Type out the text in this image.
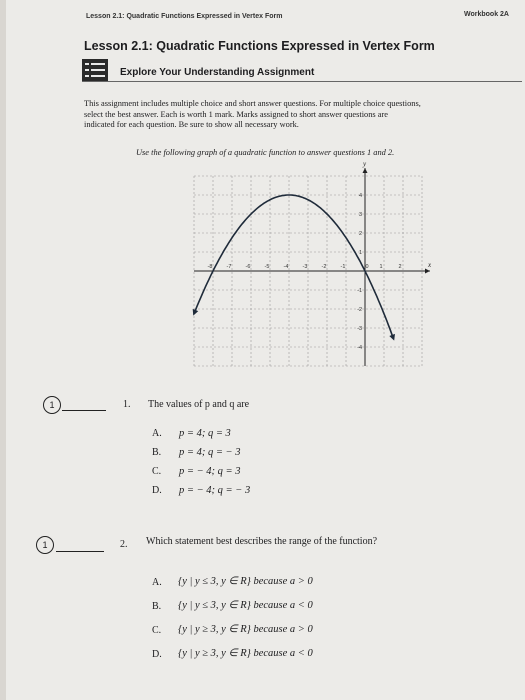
Lesson 2.1: Quadratic Functions Expressed in Vertex Form	Workbook 2A
Lesson 2.1: Quadratic Functions Expressed in Vertex Form
Explore Your Understanding Assignment
This assignment includes multiple choice and short answer questions. For multiple choice questions,
select the best answer. Each is worth 1 mark. Marks assigned to short answer questions are
indicated for each question. Be sure to show all necessary work.
Use the following graph of a quadratic function to answer questions 1 and 2.
x
y
-8	-7	-6	-5	-4	-3	-2	-1	0 1	2
4
3
2
1
-1
-2
-3
-4
1	1. The values of p and q are
A. p = 4; q = 3
B. p = 4; q = − 3
C. p = − 4; q = 3
D. p = − 4; q = − 3
1	2. Which statement best describes the range of the function?
A. {y | y ≤ 3, y ∈ R} because a > 0
B. {y | y ≤ 3, y ∈ R} because a < 0
C. {y | y ≥ 3, y ∈ R} because a > 0
D. {y | y ≥ 3, y ∈ R} because a < 0
